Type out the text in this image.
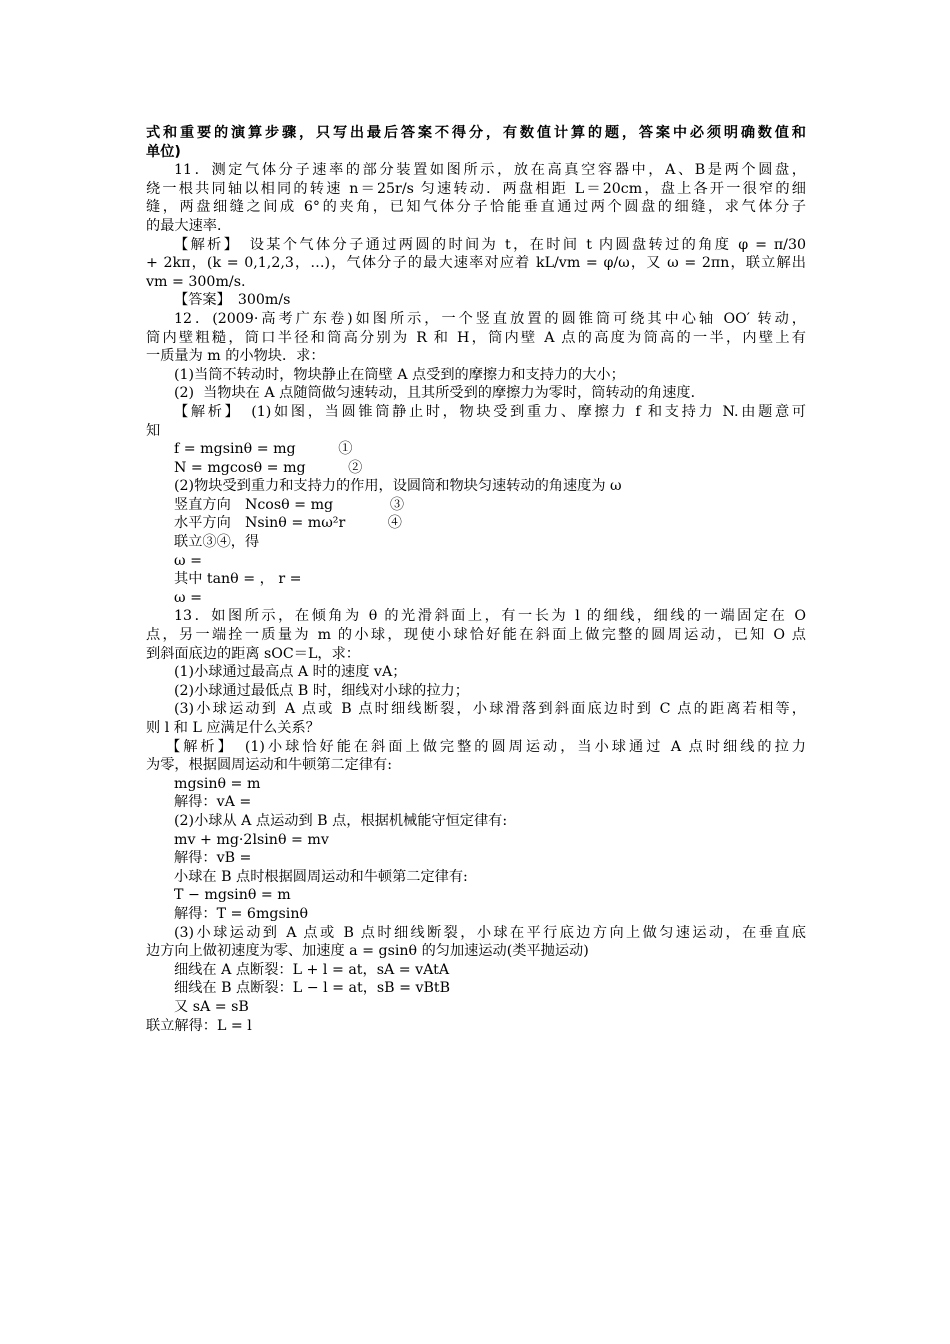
式和重要的演算步骤，只写出最后答案不得分，有数值计算的题，答案中必须明确数值和
单位)
11．测定气体分子速率的部分装置如图所示，放在高真空容器中，A、B是两个圆盘，
绕一根共同轴以相同的转速 n＝25r/s 匀速转动．两盘相距 L＝20cm，盘上各开一很窄的细
缝，两盘细缝之间成 6°的夹角，已知气体分子恰能垂直通过两个圆盘的细缝，求气体分子
的最大速率．
【解析】　设某个气体分子通过两圆的时间为 t，在时间 t 内圆盘转过的角度 φ = π/30
+ 2kπ，(k = 0,1,2,3，…)，气体分子的最大速率对应着 kL/vm = φ/ω，又 ω = 2πn，联立解出
vm = 300m/s.
【答案】　300m/s
12．(2009·高考广东卷)如图所示，一个竖直放置的圆锥筒可绕其中心轴 OO′ 转动，
筒内壁粗糙，筒口半径和筒高分别为 R 和 H，筒内壁 A 点的高度为筒高的一半，内壁上有
一质量为 m 的小物块．求：
(1)当筒不转动时，物块静止在筒壁 A 点受到的摩擦力和支持力的大小；
(2)  当物块在 A 点随筒做匀速转动，且其所受到的摩擦力为零时，筒转动的角速度．
【解析】　(1)如图，当圆锥筒静止时，物块受到重力、摩擦力 f 和支持力 N.由题意可
知
f = mgsinθ = mg　　　①
N = mgcosθ = mg　　　②
(2)物块受到重力和支持力的作用，设圆筒和物块匀速转动的角速度为 ω
竖直方向　Ncosθ = mg　　　　③
水平方向　Nsinθ = mω²r　　　④
联立③④，得
ω =
其中 tanθ = ， r =
ω =
13．如图所示，在倾角为 θ 的光滑斜面上，有一长为 l 的细线，细线的一端固定在 O
点，另一端拴一质量为 m 的小球，现使小球恰好能在斜面上做完整的圆周运动，已知 O 点
到斜面底边的距离 sOC＝L，求：
(1)小球通过最高点 A 时的速度 vA；
(2)小球通过最低点 B 时，细线对小球的拉力；
(3)小球运动到 A 点或 B 点时细线断裂，小球滑落到斜面底边时到 C 点的距离若相等，
则 l 和 L 应满足什么关系？
【解析】　(1)小球恰好能在斜面上做完整的圆周运动，当小球通过 A 点时细线的拉力
为零，根据圆周运动和牛顿第二定律有:
mgsinθ = m
解得：vA =
(2)小球从 A 点运动到 B 点，根据机械能守恒定律有:
mv + mg·2lsinθ = mv
解得：vB =
小球在 B 点时根据圆周运动和牛顿第二定律有:
T − mgsinθ = m
解得：T = 6mgsinθ
(3)小球运动到 A 点或 B 点时细线断裂，小球在平行底边方向上做匀速运动，在垂直底
边方向上做初速度为零、加速度 a = gsinθ 的匀加速运动(类平抛运动)
细线在 A 点断裂：L + l = at，sA = vAtA
细线在 B 点断裂：L − l = at，sB = vBtB
又 sA = sB
联立解得：L = l
